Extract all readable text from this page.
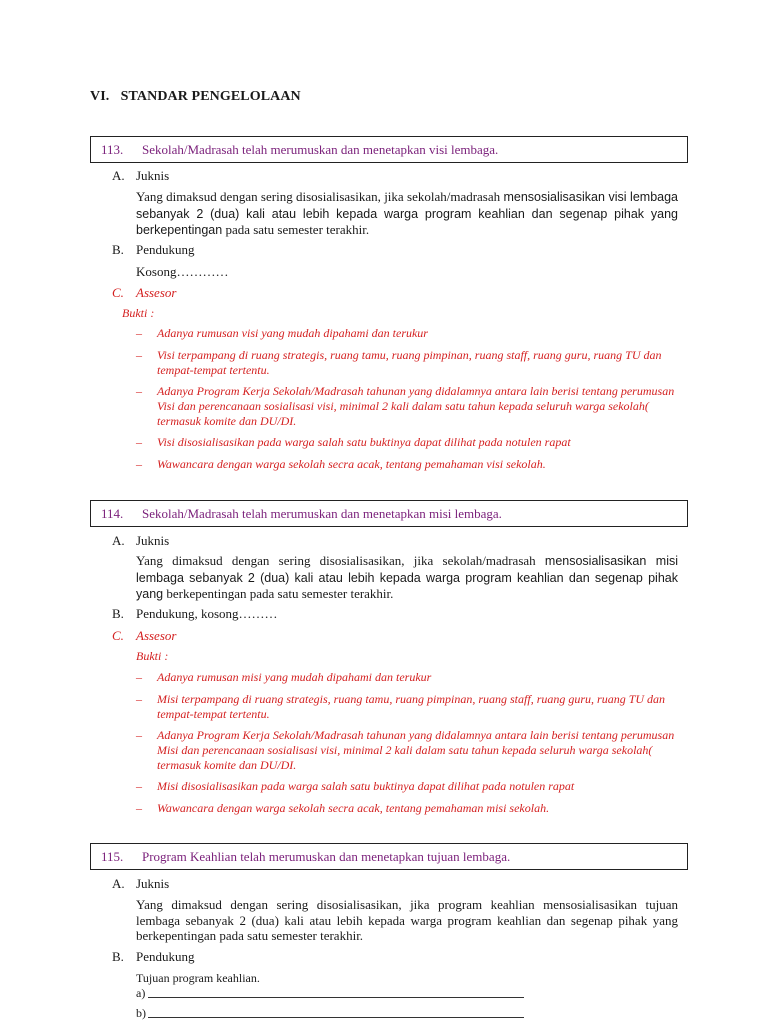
VI. STANDAR PENGELOLAAN
113. Sekolah/Madrasah telah merumuskan dan menetapkan visi lembaga.
A. Juknis
Yang dimaksud dengan sering disosialisasikan, jika sekolah/madrasah mensosialisasikan visi lembaga sebanyak 2 (dua) kali atau lebih kepada warga program keahlian dan segenap pihak yang berkepentingan pada satu semester terakhir.
B. Pendukung
Kosong…………
C. Assesor
Bukti :
– Adanya rumusan visi yang mudah dipahami dan terukur
– Visi terpampang di ruang strategis, ruang tamu, ruang pimpinan, ruang staff, ruang guru, ruang TU dan tempat-tempat tertentu.
– Adanya Program Kerja Sekolah/Madrasah tahunan yang didalamnya antara lain berisi tentang perumusan Visi dan perencanaan sosialisasi visi, minimal 2 kali dalam satu tahun kepada seluruh warga sekolah( termasuk komite dan DU/DI.
– Visi disosialisasikan pada warga salah satu buktinya dapat dilihat pada notulen rapat
– Wawancara dengan warga sekolah secra acak, tentang pemahaman visi sekolah.
114. Sekolah/Madrasah telah merumuskan dan menetapkan misi lembaga.
A. Juknis
Yang dimaksud dengan sering disosialisasikan, jika sekolah/madrasah mensosialisasikan misi lembaga sebanyak 2 (dua) kali atau lebih kepada warga program keahlian dan segenap pihak yang berkepentingan pada satu semester terakhir.
B. Pendukung, kosong………
C. Assesor
Bukti :
– Adanya rumusan misi yang mudah dipahami dan terukur
– Misi terpampang di ruang strategis, ruang tamu, ruang pimpinan, ruang staff, ruang guru, ruang TU dan tempat-tempat tertentu.
– Adanya Program Kerja Sekolah/Madrasah tahunan yang didalamnya antara lain berisi tentang perumusan Misi dan perencanaan sosialisasi visi, minimal 2 kali dalam satu tahun kepada seluruh warga sekolah( termasuk komite dan DU/DI.
– Misi disosialisasikan pada warga salah satu buktinya dapat dilihat pada notulen rapat
– Wawancara dengan warga sekolah secra acak, tentang pemahaman misi sekolah.
115. Program Keahlian telah merumuskan dan menetapkan tujuan lembaga.
A. Juknis
Yang dimaksud dengan sering disosialisasikan, jika program keahlian mensosialisasikan tujuan lembaga sebanyak 2 (dua) kali atau lebih kepada warga program keahlian dan segenap pihak yang berkepentingan pada satu semester terakhir.
B. Pendukung
Tujuan program keahlian.
a)
b)
